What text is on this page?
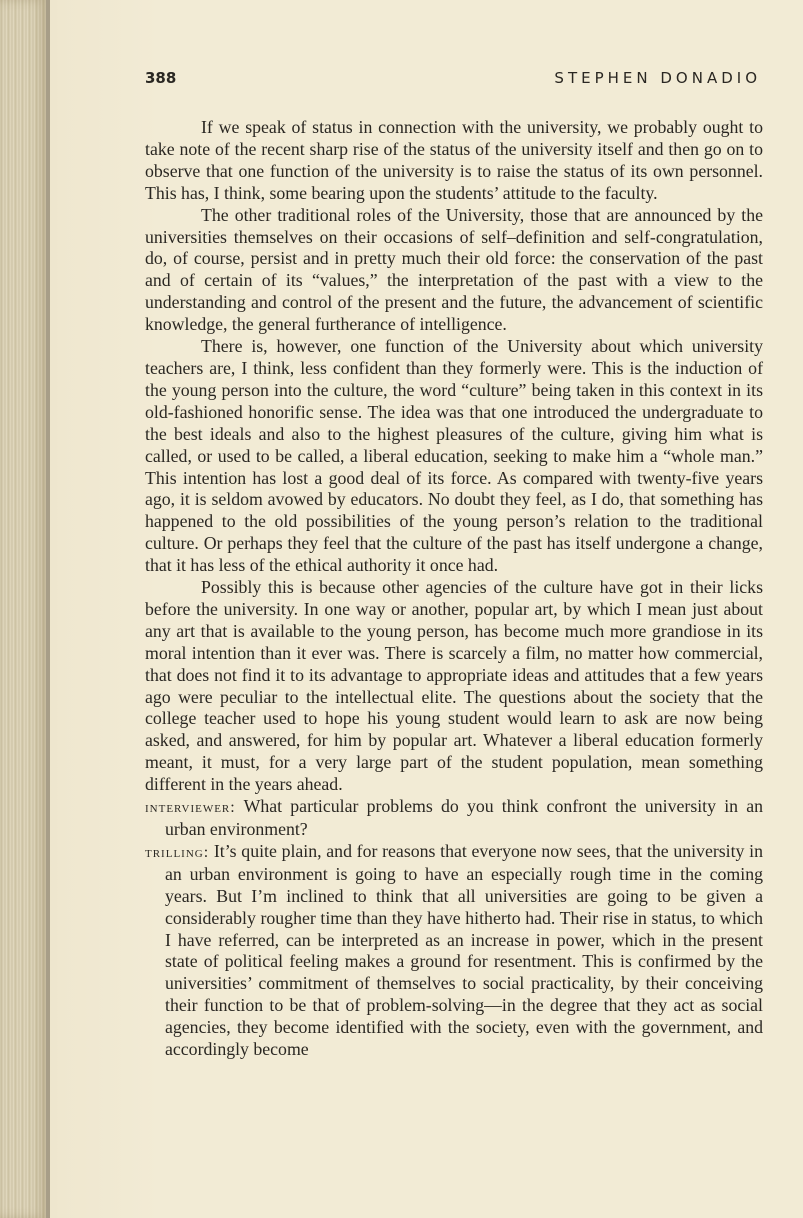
388	STEPHEN DONADIO

If we speak of status in connection with the university, we probably ought to take note of the recent sharp rise of the status of the university itself and then go on to observe that one function of the university is to raise the status of its own personnel. This has, I think, some bearing upon the students’ attitude to the faculty.

The other traditional roles of the University, those that are announced by the universities themselves on their occasions of self–definition and self-congratulation, do, of course, persist and in pretty much their old force: the conservation of the past and of certain of its “values,” the interpretation of the past with a view to the understanding and control of the present and the future, the advancement of scientific knowledge, the general furtherance of intelligence.

There is, however, one function of the University about which university teachers are, I think, less confident than they formerly were. This is the induction of the young person into the culture, the word “culture” being taken in this context in its old-fashioned honorific sense. The idea was that one introduced the undergraduate to the best ideals and also to the highest pleasures of the culture, giving him what is called, or used to be called, a liberal education, seeking to make him a “whole man.” This intention has lost a good deal of its force. As compared with twenty-five years ago, it is seldom avowed by educators. No doubt they feel, as I do, that something has happened to the old possibilities of the young person’s relation to the traditional culture. Or perhaps they feel that the culture of the past has itself undergone a change, that it has less of the ethical authority it once had.

Possibly this is because other agencies of the culture have got in their licks before the university. In one way or another, popular art, by which I mean just about any art that is available to the young person, has become much more grandiose in its moral intention than it ever was. There is scarcely a film, no matter how commercial, that does not find it to its advantage to appropriate ideas and attitudes that a few years ago were peculiar to the intellectual elite. The questions about the society that the college teacher used to hope his young student would learn to ask are now being asked, and answered, for him by popular art. Whatever a liberal education formerly meant, it must, for a very large part of the student population, mean something different in the years ahead.

interviewer: What particular problems do you think confront the university in an urban environment?

trilling: It’s quite plain, and for reasons that everyone now sees, that the university in an urban environment is going to have an especially rough time in the coming years. But I’m inclined to think that all universities are going to be given a considerably rougher time than they have hitherto had. Their rise in status, to which I have referred, can be interpreted as an increase in power, which in the present state of political feeling makes a ground for resentment. This is confirmed by the universities’ commitment of themselves to social practicality, by their conceiving their function to be that of problem-solving—in the degree that they act as social agencies, they become identified with the society, even with the government, and accordingly become
